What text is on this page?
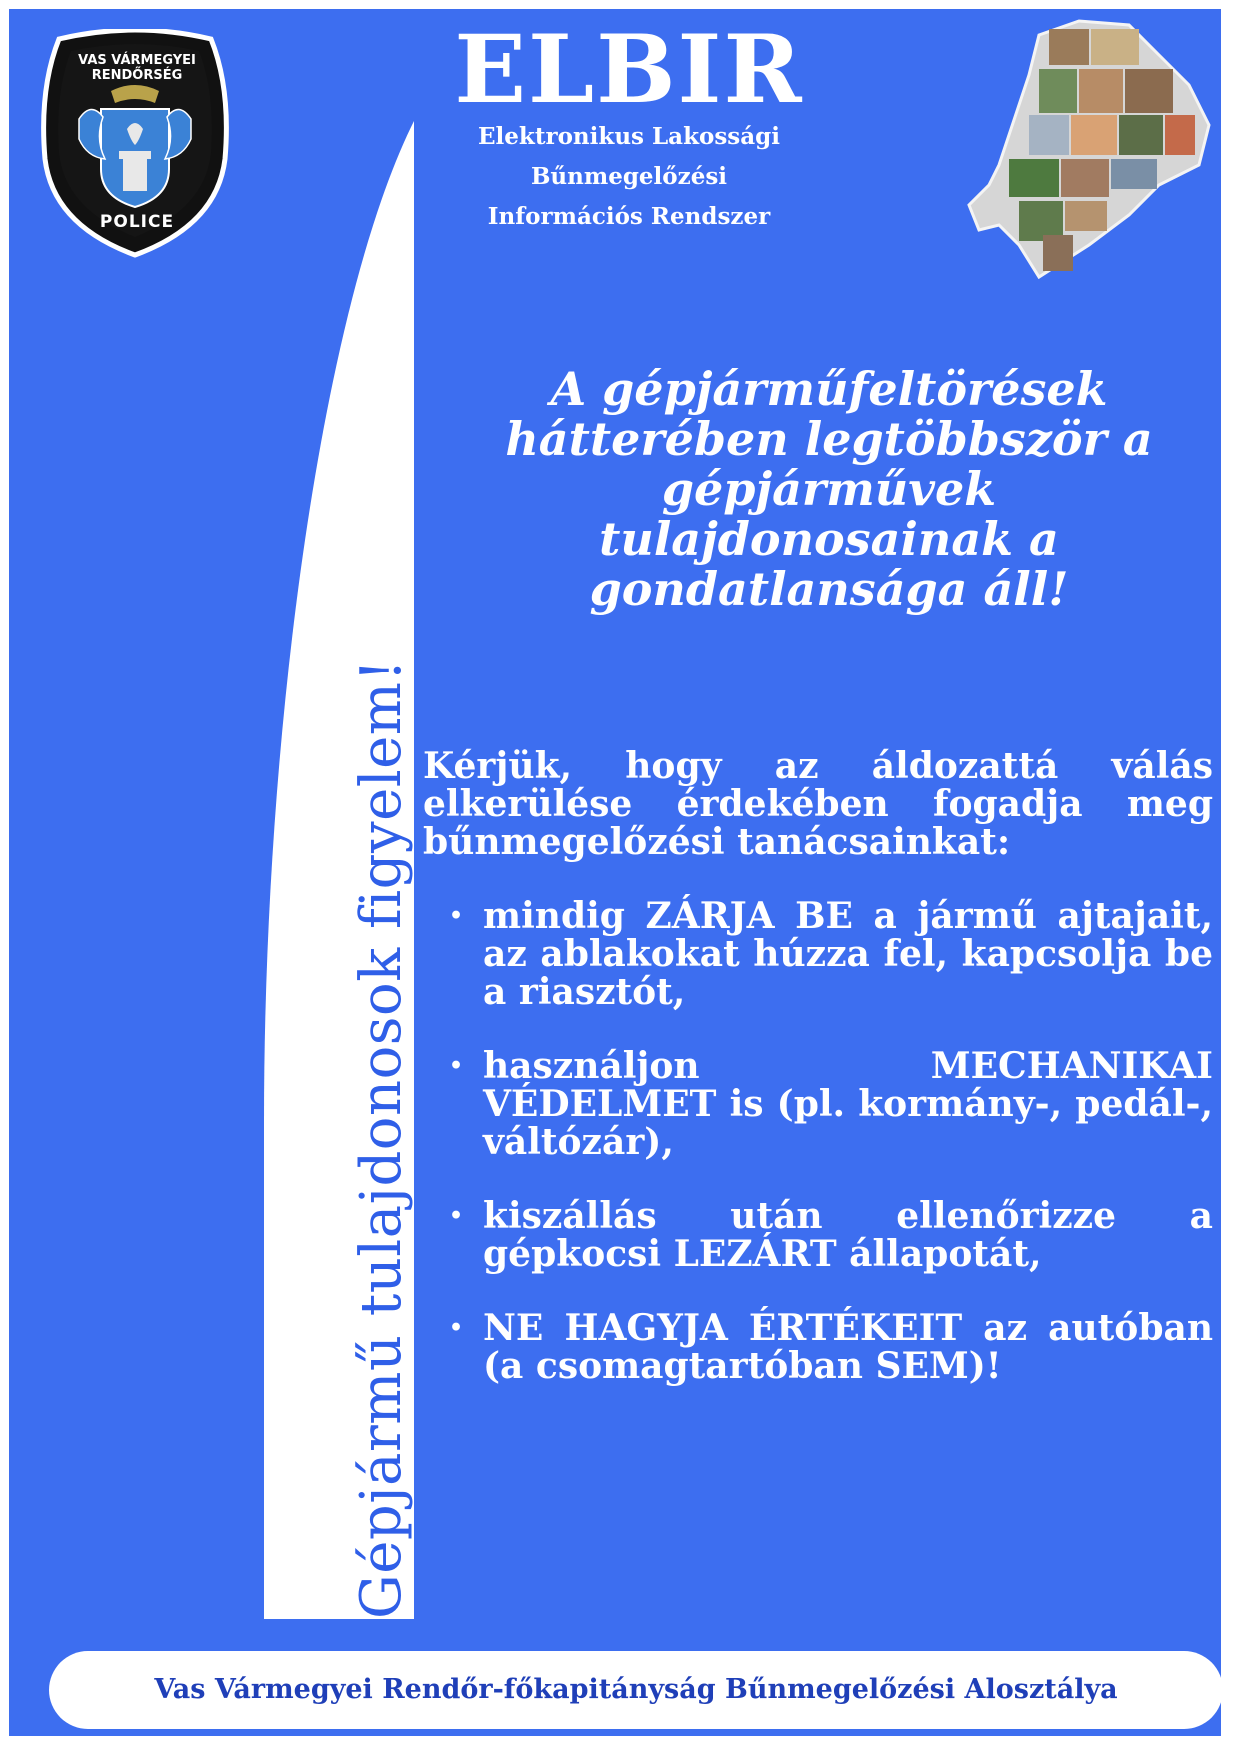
VAS VÁRMEGYEI RENDŐRSÉG
POLICE
ELBIR
Elektronikus Lakossági
Bűnmegelőzési
Információs Rendszer
Gépjármű tulajdonosok figyelem!
A gépjárműfeltörések hátterében legtöbbször a gépjárművek tulajdonosainak a gondatlansága áll!
Kérjük, hogy az áldozattá válás elkerülése érdekében fogadja meg bűnmegelőzési tanácsainkat:
• mindig ZÁRJA BE a jármű ajtajait, az ablakokat húzza fel, kapcsolja be a riasztót,
• használjon MECHANIKAI VÉDELMET is (pl. kormány-, pedál-, váltózár),
• kiszállás után ellenőrizze a gépkocsi LEZÁRT állapotát,
• NE HAGYJA ÉRTÉKEIT az autóban (a csomagtartóban SEM)!
Vas Vármegyei Rendőr-főkapitányság Bűnmegelőzési Alosztálya
